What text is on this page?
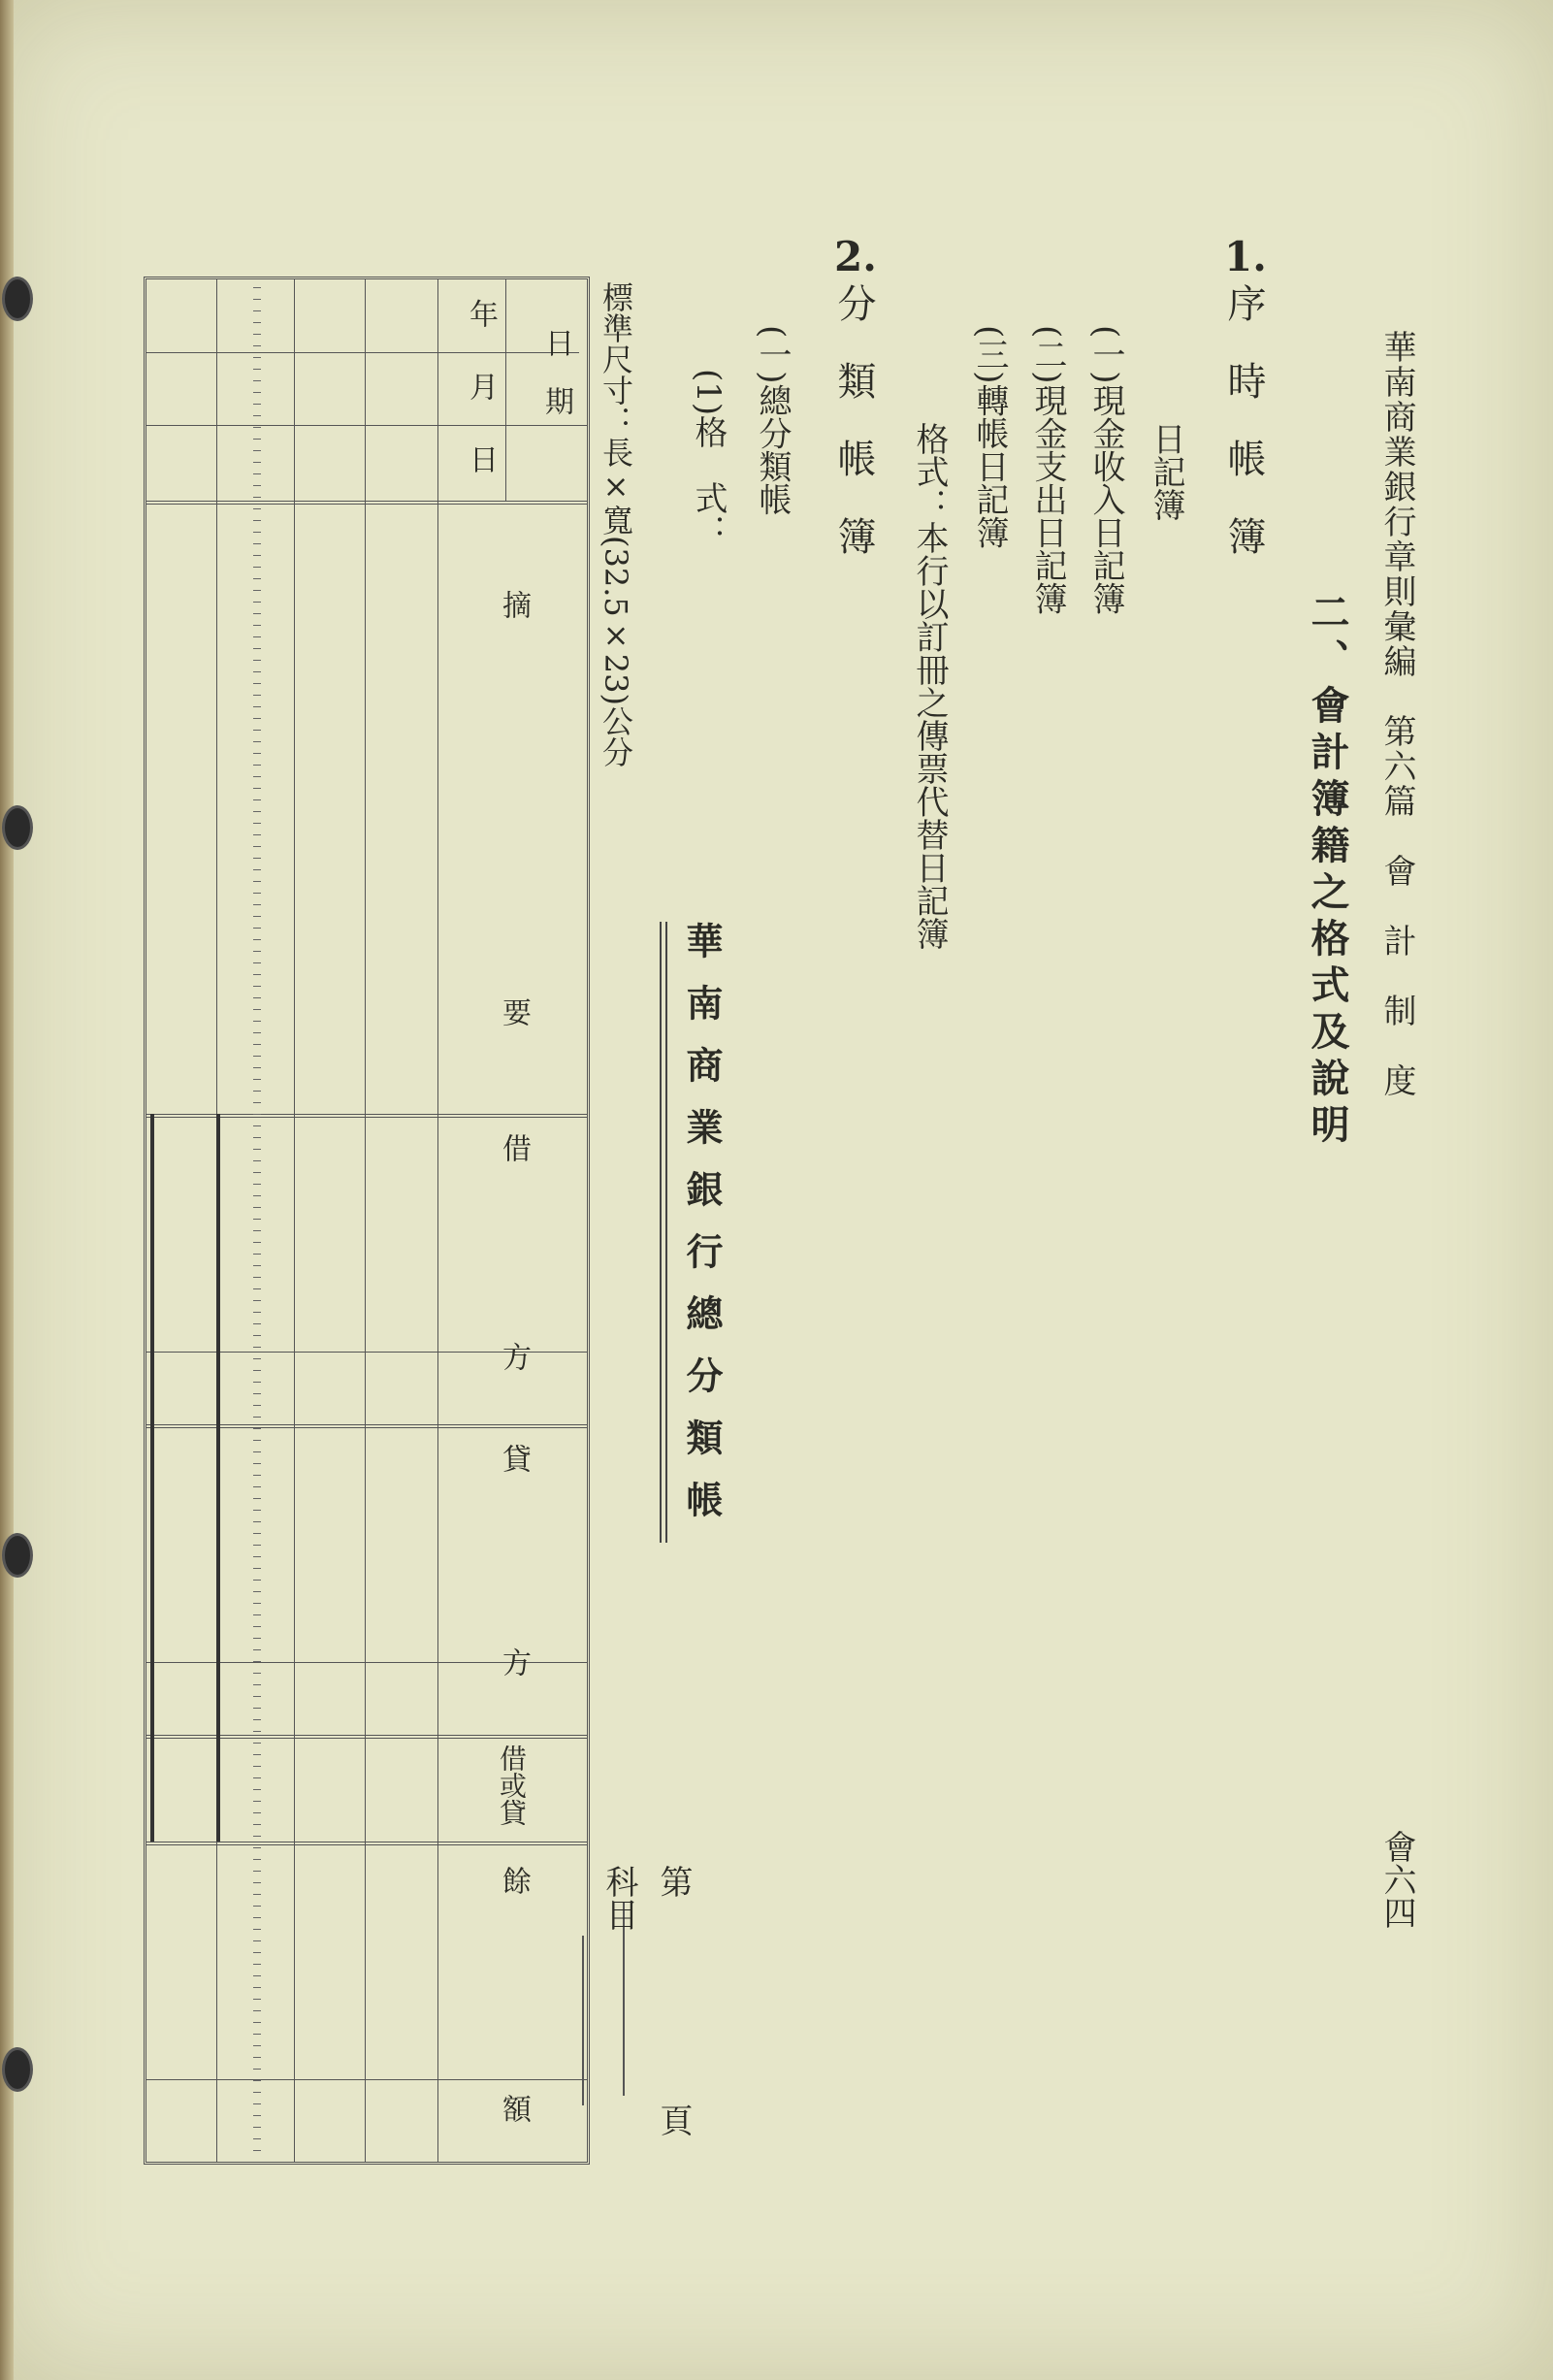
華南商業銀行章則彙編　第六篇　會　計　制　度
會六四
二、會計簿籍之格式及說明
1.
序時帳簿
日記簿
(一)現金收入日記簿
(二)現金支出日記簿
(三)轉帳日記簿
格式：本行以訂冊之傳票代替日記簿
2.
分類帳簿
(一)總分類帳
(1)格　式：
標準尺寸：長×寬(32.5×23)公分
華南商業銀行總分類帳
第
頁
科目
日　期
年
月
日
摘
要
借
方
貸
方
借或貸
餘
額
